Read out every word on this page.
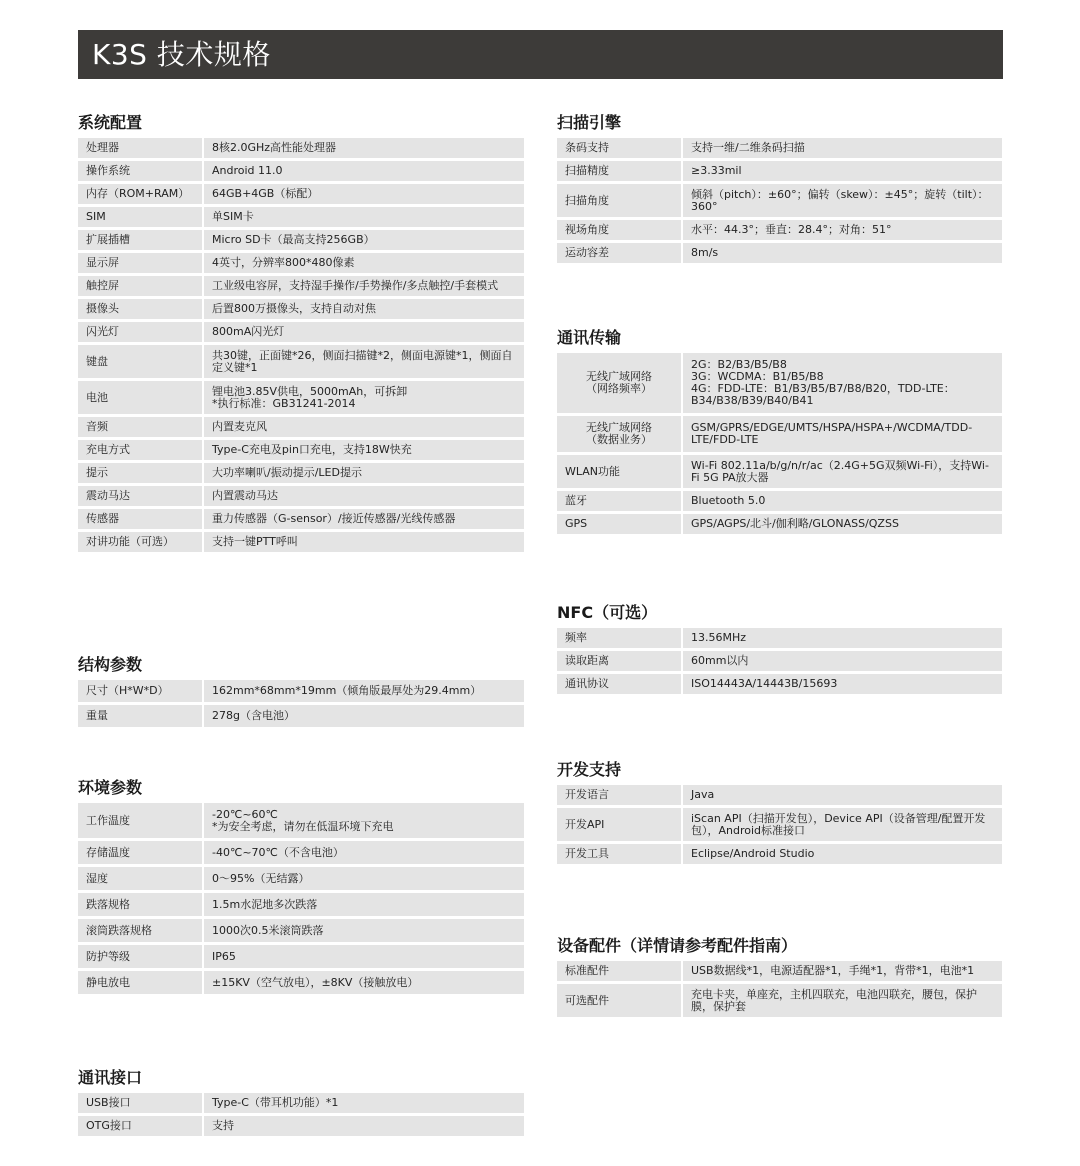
K3S 技术规格
系统配置
处理器	8核2.0GHz高性能处理器
操作系统	Android 11.0
内存（ROM+RAM）	64GB+4GB（标配）
SIM	单SIM卡
扩展插槽	Micro SD卡（最高支持256GB）
显示屏	4英寸，分辨率800*480像素
触控屏	工业级电容屏，支持湿手操作/手势操作/多点触控/手套模式
摄像头	后置800万摄像头，支持自动对焦
闪光灯	800mA闪光灯
键盘	共30键，正面键*26，侧面扫描键*2，侧面电源键*1，侧面自定义键*1
电池	锂电池3.85V供电，5000mAh，可拆卸
*执行标准：GB31241-2014
音频	内置麦克风
充电方式	Type-C充电及pin口充电，支持18W快充
提示	大功率喇叭/振动提示/LED提示
震动马达	内置震动马达
传感器	重力传感器（G-sensor）/接近传感器/光线传感器
对讲功能（可选）	支持一键PTT呼叫
结构参数
尺寸（H*W*D）	162mm*68mm*19mm（倾角版最厚处为29.4mm）
重量	278g（含电池）
环境参数
工作温度	-20℃~60℃
*为安全考虑，请勿在低温环境下充电
存储温度	-40℃~70℃（不含电池）
湿度	0～95%（无结露）
跌落规格	1.5m水泥地多次跌落
滚筒跌落规格	1000次0.5米滚筒跌落
防护等级	IP65
静电放电	±15KV（空气放电），±8KV（接触放电）
通讯接口
USB接口	Type-C（带耳机功能）*1
OTG接口	支持
扫描引擎
条码支持	支持一维/二维条码扫描
扫描精度	≥3.33mil
扫描角度	倾斜（pitch）：±60°；偏转（skew）：±45°；旋转（tilt）：360°
视场角度	水平：44.3°；垂直：28.4°；对角：51°
运动容差	8m/s
通讯传输
无线广域网络
（网络频率）	2G：B2/B3/B5/B8
3G：WCDMA：B1/B5/B8
4G：FDD-LTE：B1/B3/B5/B7/B8/B20，TDD-LTE：B34/B38/B39/B40/B41
无线广域网络
（数据业务）	GSM/GPRS/EDGE/UMTS/HSPA/HSPA+/WCDMA/TDD-LTE/FDD-LTE
WLAN功能	Wi-Fi 802.11a/b/g/n/r/ac（2.4G+5G双频Wi-Fi），支持Wi-Fi 5G PA放大器
蓝牙	Bluetooth 5.0
GPS	GPS/AGPS/北斗/伽利略/GLONASS/QZSS
NFC（可选）
频率	13.56MHz
读取距离	60mm以内
通讯协议	ISO14443A/14443B/15693
开发支持
开发语言	Java
开发API	iScan API（扫描开发包），Device API（设备管理/配置开发包），Android标准接口
开发工具	Eclipse/Android Studio
设备配件（详情请参考配件指南）
标准配件	USB数据线*1，电源适配器*1，手绳*1，背带*1，电池*1
可选配件	充电卡夹，单座充，主机四联充，电池四联充，腰包，保护膜，保护套
